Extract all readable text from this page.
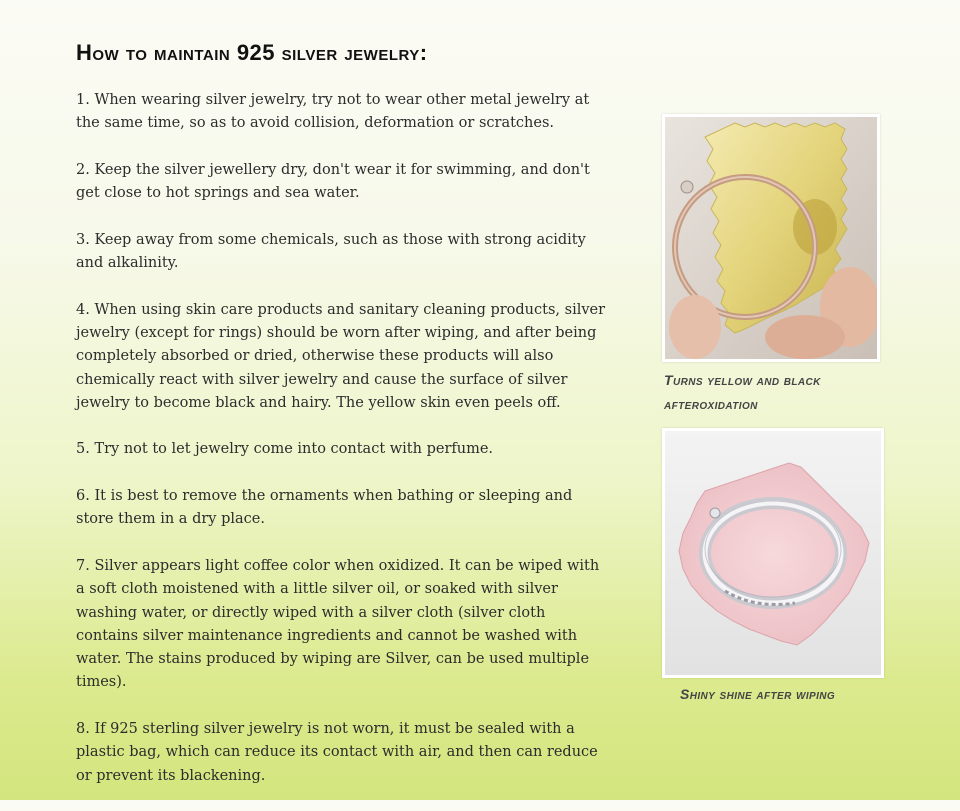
How to maintain 925 silver jewelry:

1. When wearing silver jewelry, try not to wear other metal jewelry at the same time, so as to avoid collision, deformation or scratches.

2. Keep the silver jewellery dry, don't wear it for swimming, and don't get close to hot springs and sea water.

3. Keep away from some chemicals, such as those with strong acidity and alkalinity.

4. When using skin care products and sanitary cleaning products, silver jewelry (except for rings) should be worn after wiping, and after being completely absorbed or dried, otherwise these products will also chemically react with silver jewelry and cause the surface of silver jewelry to become black and hairy. The yellow skin even peels off.

5. Try not to let jewelry come into contact with perfume.

6. It is best to remove the ornaments when bathing or sleeping and store them in a dry place.

7. Silver appears light coffee color when oxidized. It can be wiped with a soft cloth moistened with a little silver oil, or soaked with silver washing water, or directly wiped with a silver cloth (silver cloth contains silver maintenance ingredients and cannot be washed with water. The stains produced by wiping are Silver, can be used multiple times).

8. If 925 sterling silver jewelry is not worn, it must be sealed with a plastic bag, which can reduce its contact with air, and then can reduce or prevent its blackening.

Turns yellow and black afteroxidation
Shiny shine after wiping
